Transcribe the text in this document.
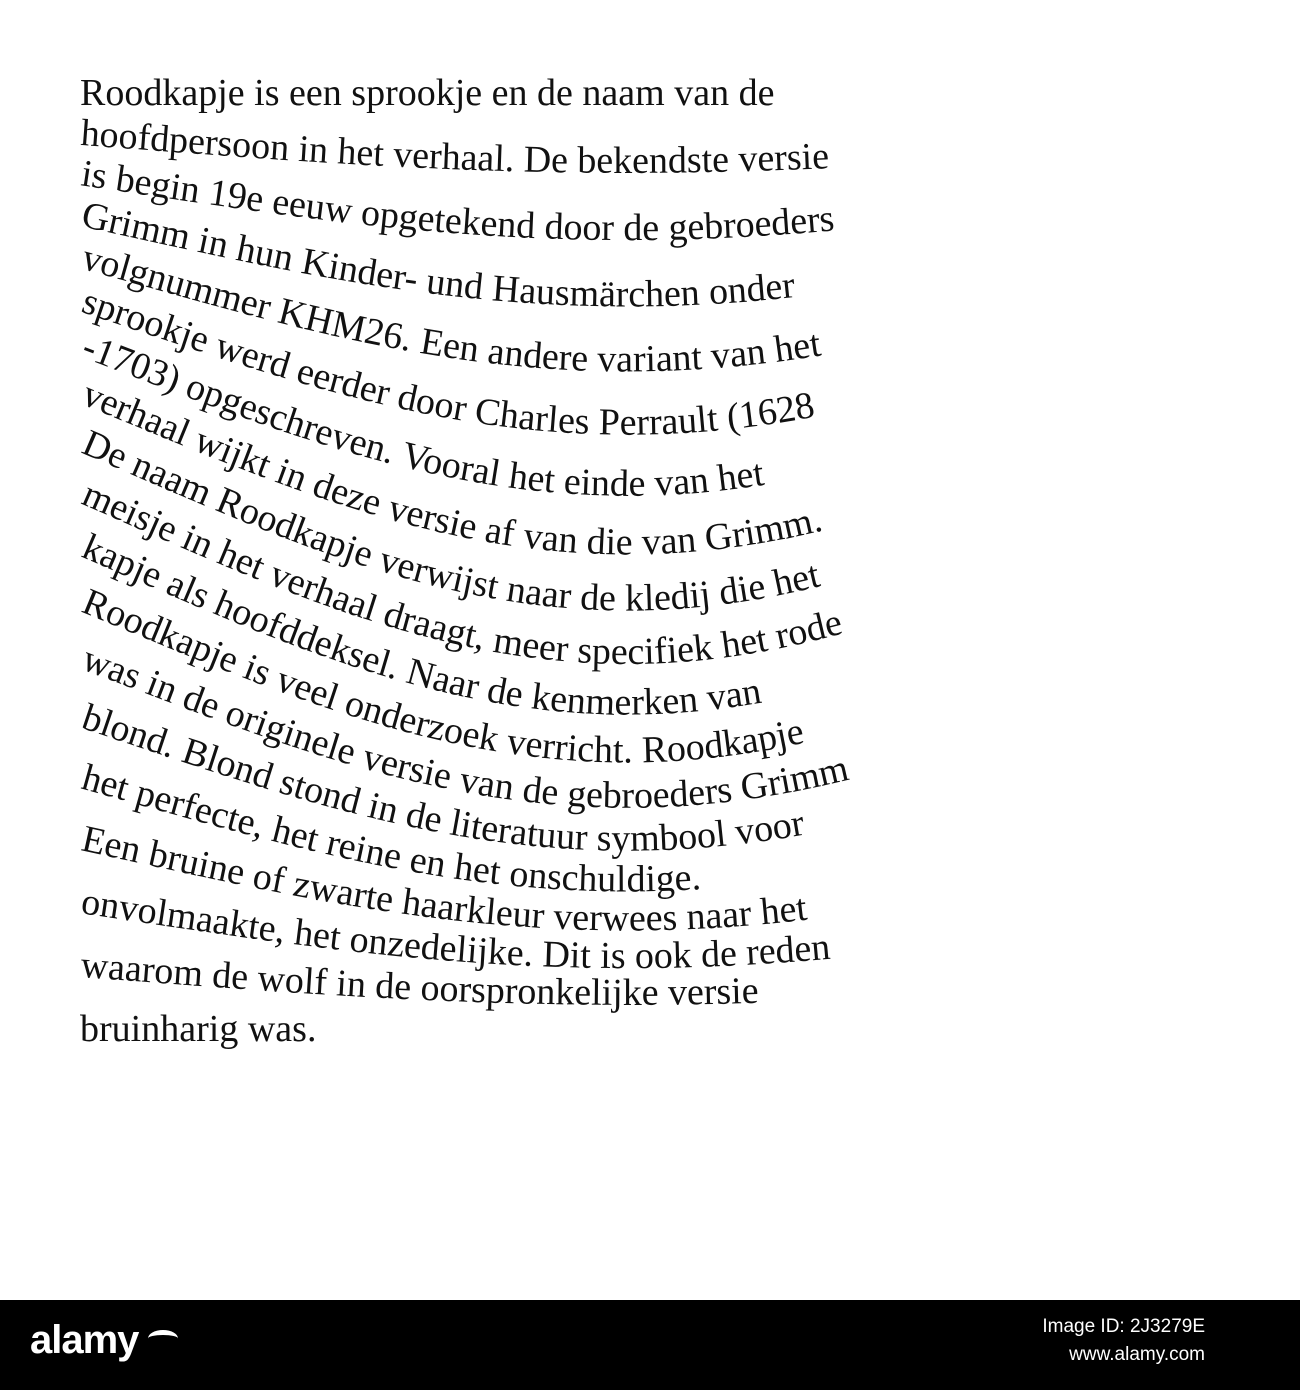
Roodkapje is een sprookje en de naam van de
hoofdpersoon in het verhaal. De bekendste versie
is begin 19e eeuw opgetekend door de gebroeders
Grimm in hun Kinder- und Hausmärchen onder
volgnummer KHM26. Een andere variant van het
sprookje werd eerder door Charles Perrault (1628
-1703) opgeschreven. Vooral het einde van het
verhaal wijkt in deze versie af van die van Grimm.
De naam Roodkapje verwijst naar de kledij die het
meisje in het verhaal draagt, meer specifiek het rode
kapje als hoofddeksel. Naar de kenmerken van
Roodkapje is veel onderzoek verricht. Roodkapje
was in de originele versie van de gebroeders Grimm
blond. Blond stond in de literatuur symbool voor
het perfecte, het reine en het onschuldige.
Een bruine of zwarte haarkleur verwees naar het
onvolmaakte, het onzedelijke. Dit is ook de reden
waarom de wolf in de oorspronkelijke versie
bruinharig was.
alamy	Image ID: 2J3279E
www.alamy.com
